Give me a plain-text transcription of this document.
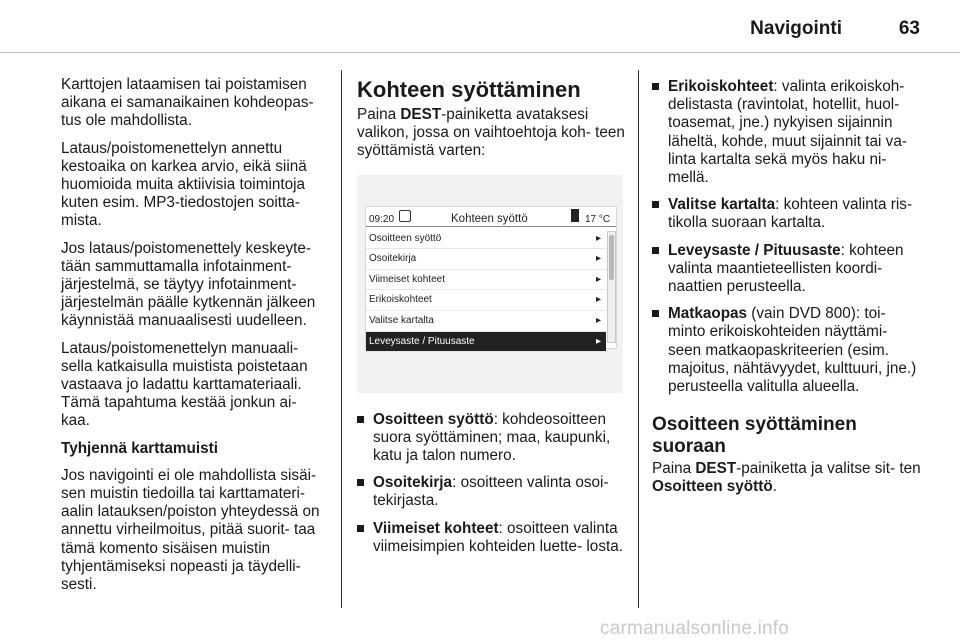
Navigointi	63

Karttojen lataamisen tai poistamisen aikana ei samanaikainen kohdeopas- tus ole mahdollista.

Lataus/poistomenettelyn annettu kestoaika on karkea arvio, eikä siinä huomioida muita aktiivisia toimintoja kuten esim. MP3-tiedostojen soitta- mista.

Jos lataus/poistomenettely keskeyte- tään sammuttamalla infotainment- järjestelmä, se täytyy infotainment- järjestelmän päälle kytkennän jälkeen käynnistää manuaalisesti uudelleen.

Lataus/poistomenettelyn manuaali- sella katkaisulla muistista poistetaan vastaava jo ladattu karttamateriaali. Tämä tapahtuma kestää jonkun ai- kaa.

Tyhjennä karttamuisti

Jos navigointi ei ole mahdollista sisäi- sen muistin tiedoilla tai karttamateri- aalin latauksen/poiston yhteydessä on annettu virheilmoitus, pitää suorit- taa tämä komento sisäisen muistin tyhjentämiseksi nopeasti ja täydelli- sesti.

Kohteen syöttäminen

Paina DEST-painiketta avataksesi valikon, jossa on vaihtoehtoja koh- teen syöttämistä varten:

09:20	Kohteen syöttö	17 °C
Osoitteen syöttö	▸
Osoitekirja	▸
Viimeiset kohteet	▸
Erikoiskohteet	▸
Valitse kartalta	▸
Leveysaste / Pituusaste	▸
Osoitteen syöttö: kohdeosoitteen suora syöttäminen; maa, kaupunki, katu ja talon numero.
Osoitekirja: osoitteen valinta osoi- tekirjasta.
Viimeiset kohteet: osoitteen valinta viimeisimpien kohteiden luette- losta.
Erikoiskohteet: valinta erikoiskoh- delistasta (ravintolat, hotellit, huol- toasemat, jne.) nykyisen sijainnin läheltä, kohde, muut sijainnit tai va- linta kartalta sekä myös haku ni- mellä.
Valitse kartalta: kohteen valinta ris- tikolla suoraan kartalta.
Leveysaste / Pituusaste: kohteen valinta maantieteellisten koordi- naattien perusteella.
Matkaopas (vain DVD 800): toi- minto erikoiskohteiden näyttämi- seen matkaopaskriteerien (esim. majoitus, nähtävyydet, kulttuuri, jne.) perusteella valitulla alueella.
Osoitteen syöttäminen suoraan

Paina DEST-painiketta ja valitse sit- ten Osoitteen syöttö.

carmanualsonline.info
